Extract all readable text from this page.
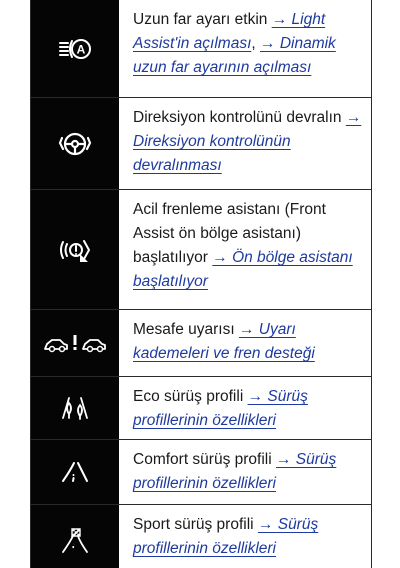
A
Uzun far ayarı etkin → Light Assist'in açılması, → Dinamik uzun far ayarının açılması
Direksiyon kontrolünü devralın → Direksiyon kontrolünün devralınması
Acil frenleme asistanı (Front Assist ön bölge asistanı) başlatılıyor → Ön bölge asistanı başlatılıyor
Mesafe uyarısı → Uyarı kademeleri ve fren desteği
Eco sürüş profili → Sürüş profillerinin özellikleri
Comfort sürüş profili → Sürüş profillerinin özellikleri
Sport sürüş profili → Sürüş profillerinin özellikleri
